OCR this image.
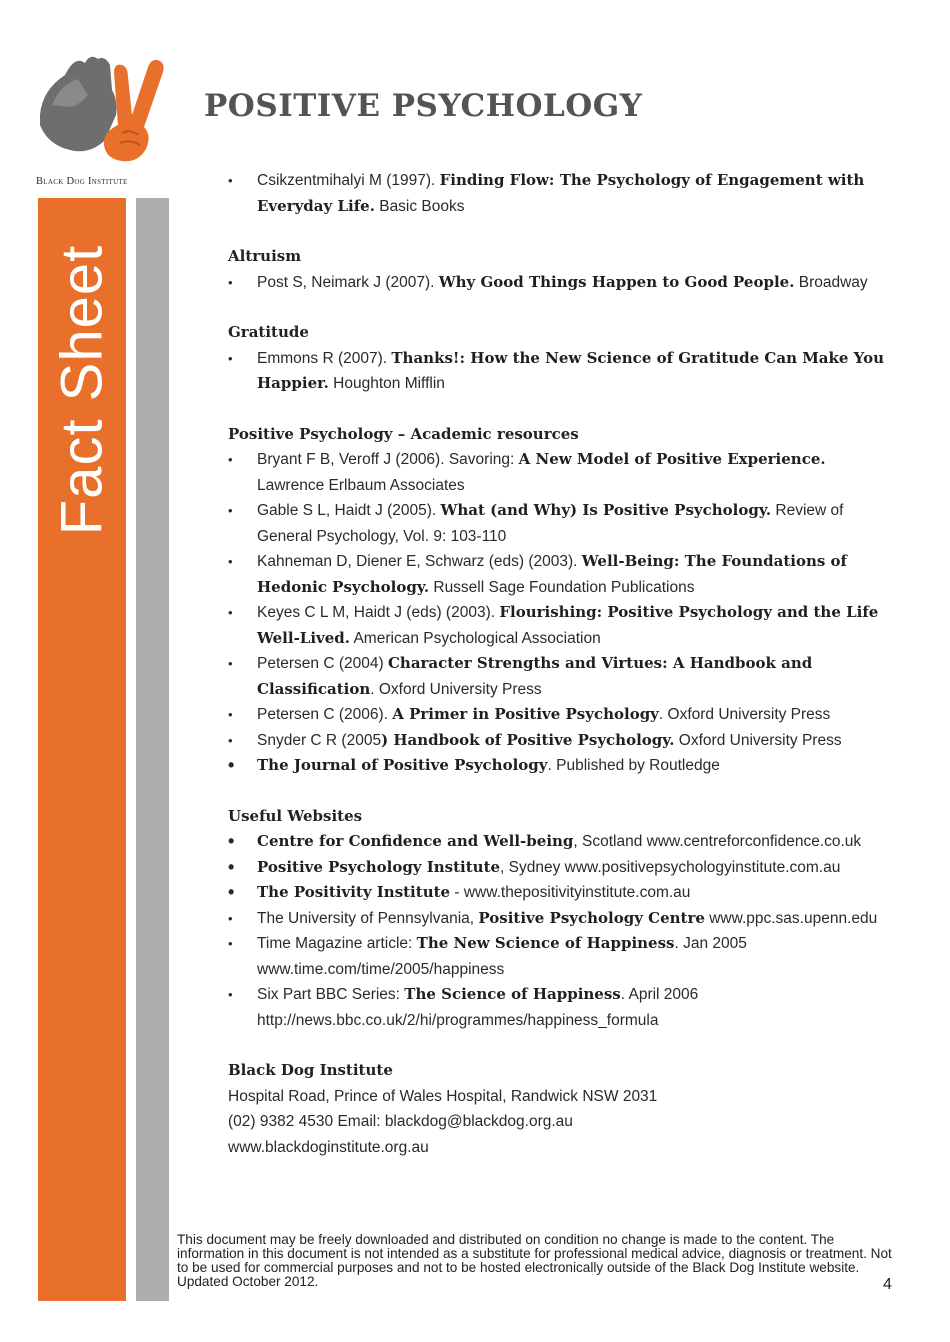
Black Dog Institute
Fact Sheet
POSITIVE PSYCHOLOGY
•	Csikzentmihalyi M (1997). Finding Flow: The Psychology of Engagement with Everyday Life. Basic Books
Altruism
•	Post S, Neimark J (2007). Why Good Things Happen to Good People. Broadway
Gratitude
•	Emmons R (2007). Thanks!: How the New Science of Gratitude Can Make You Happier. Houghton Mifflin
Positive Psychology – Academic resources
•	Bryant F B, Veroff J (2006). Savoring: A New Model of Positive Experience. Lawrence Erlbaum Associates
•	Gable S L, Haidt J (2005). What (and Why) Is Positive Psychology. Review of General Psychology, Vol. 9: 103-110
•	Kahneman D, Diener E, Schwarz (eds) (2003). Well-Being: The Foundations of Hedonic Psychology. Russell Sage Foundation Publications
•	Keyes C L M, Haidt J (eds) (2003). Flourishing: Positive Psychology and the Life Well-Lived. American Psychological Association
•	Petersen C (2004) Character Strengths and Virtues: A Handbook and Classification. Oxford University Press
•	Petersen C (2006). A Primer in Positive Psychology. Oxford University Press
•	Snyder C R (2005) Handbook of Positive Psychology. Oxford University Press
• The Journal of Positive Psychology. Published by Routledge
Useful Websites
• Centre for Confidence and Well-being, Scotland www.centreforconfidence.co.uk
• Positive Psychology Institute, Sydney www.positivepsychologyinstitute.com.au
• The Positivity Institute - www.thepositivityinstitute.com.au
•	The University of Pennsylvania, Positive Psychology Centre www.ppc.sas.upenn.edu
•	Time Magazine article: The New Science of Happiness. Jan 2005 www.time.com/time/2005/happiness
•	Six Part BBC Series: The Science of Happiness. April 2006 http://news.bbc.co.uk/2/hi/programmes/happiness_formula
Black Dog Institute
Hospital Road, Prince of Wales Hospital, Randwick NSW 2031
(02) 9382 4530 Email: blackdog@blackdog.org.au
www.blackdoginstitute.org.au
This document may be freely downloaded and distributed on condition no change is made to the content. The information in this document is not intended as a substitute for professional medical advice, diagnosis or treatment. Not to be used for commercial purposes and not to be hosted electronically outside of the Black Dog Institute website. Updated October 2012.	4
